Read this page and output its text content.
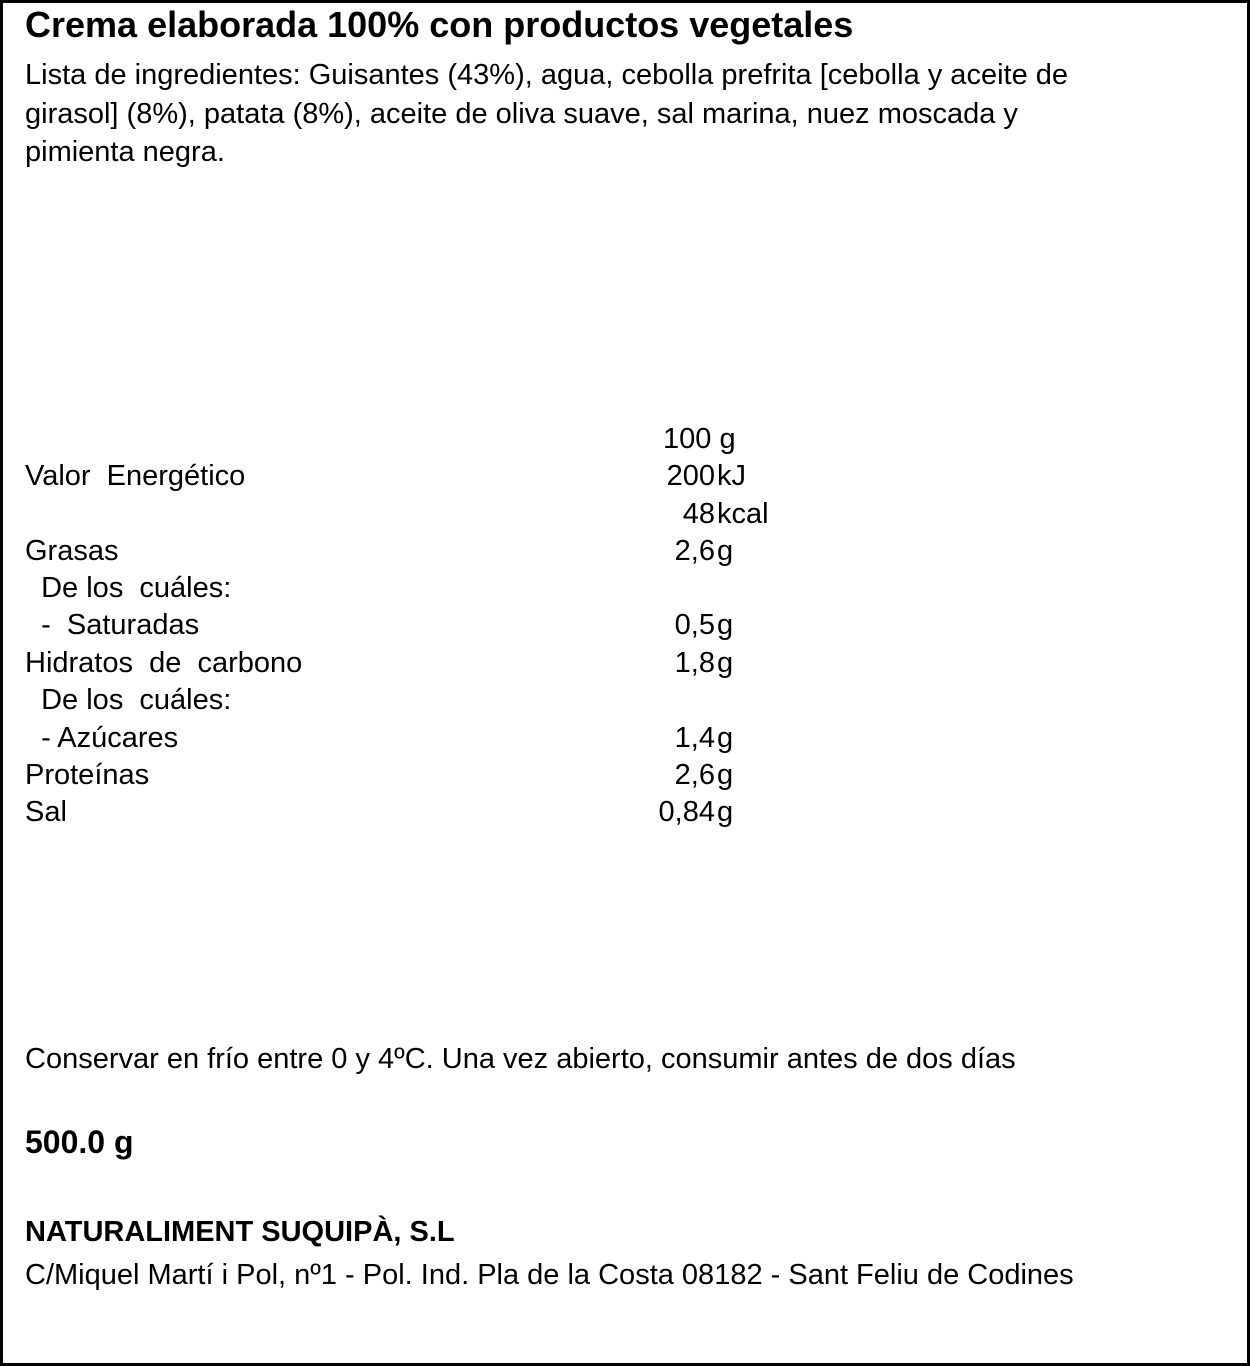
Crema elaborada 100% con productos vegetales
Lista de ingredientes: Guisantes (43%), agua, cebolla prefrita [cebolla y aceite de
girasol] (8%), patata (8%), aceite de oliva suave, sal marina, nuez moscada y
pimienta negra.
100 g
Valor  Energético	200 kJ
48 kcal
Grasas	2,6 g
De los  cuáles:
-  Saturadas	0,5 g
Hidratos  de  carbono	1,8 g
De los  cuáles:
- Azúcares	1,4 g
Proteínas	2,6 g
Sal	0,84 g
Conservar en frío entre 0 y 4ºC. Una vez abierto, consumir antes de dos días
500.0 g
NATURALIMENT SUQUIPÀ, S.L
C/Miquel Martí i Pol, nº1 - Pol. Ind. Pla de la Costa 08182 - Sant Feliu de Codines
